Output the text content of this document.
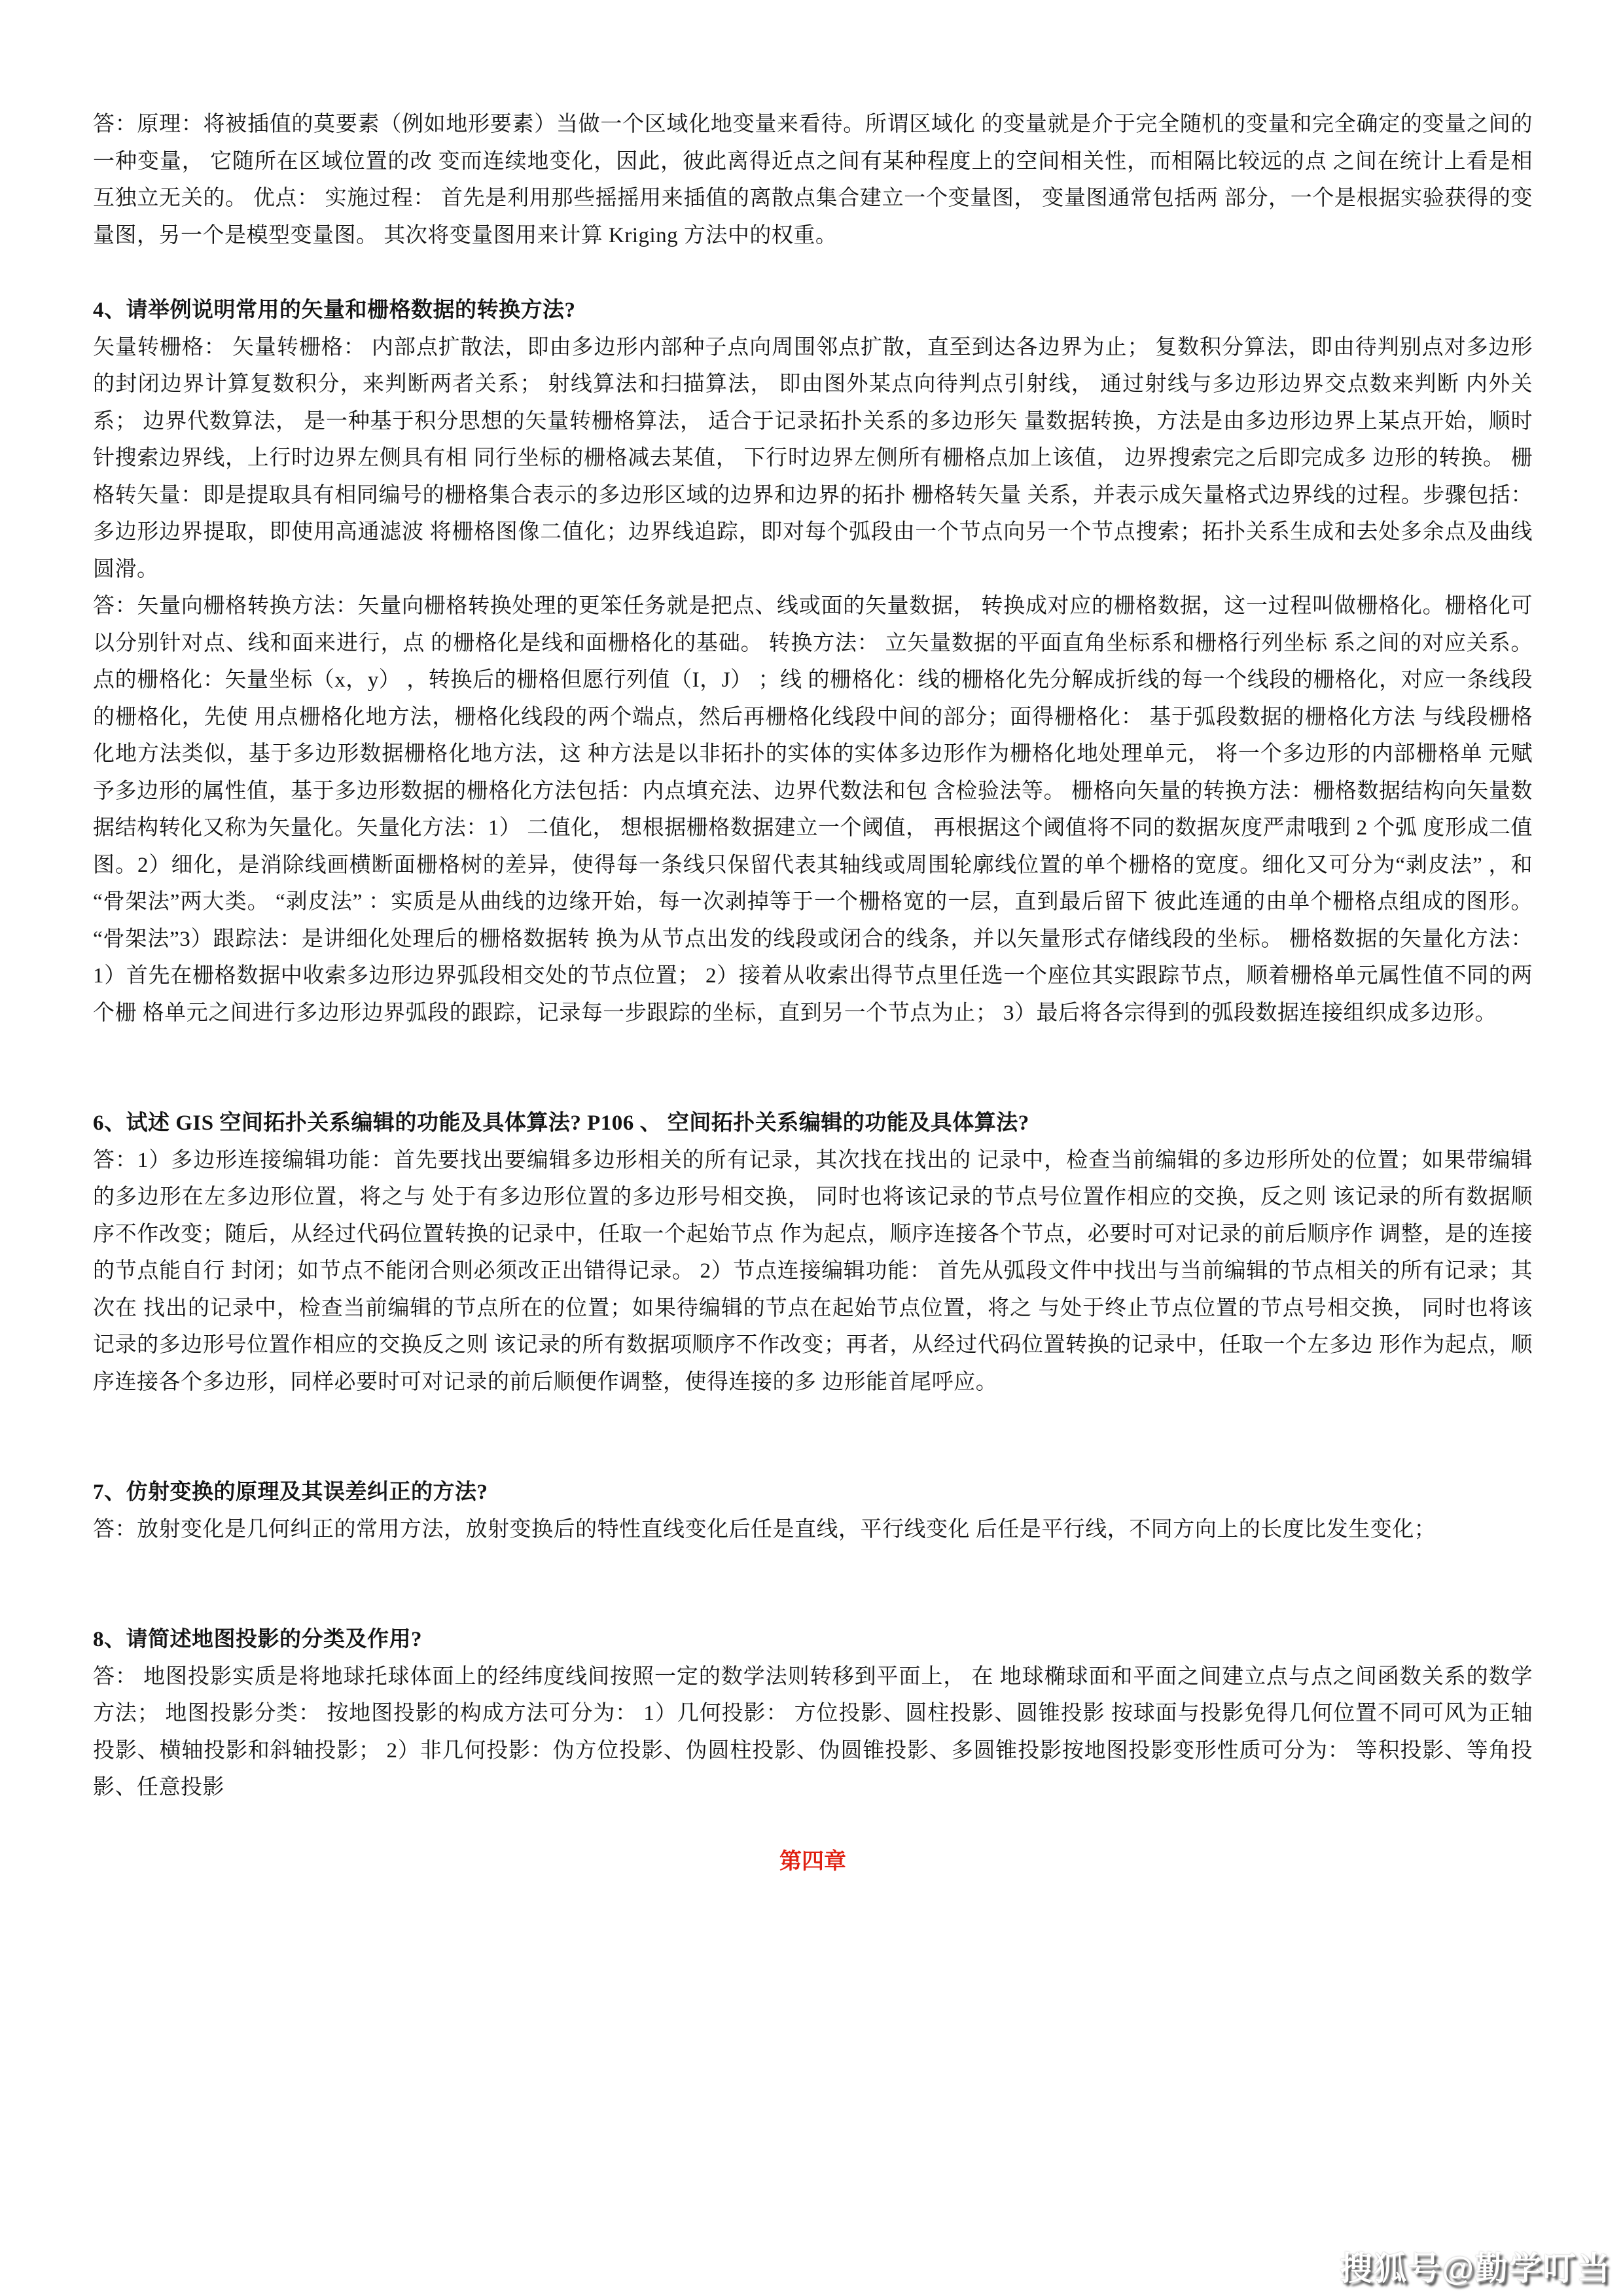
答：原理：将被插值的莫要素（例如地形要素）当做一个区域化地变量来看待。所谓区域化 的变量就是介于完全随机的变量和完全确定的变量之间的一种变量， 它随所在区域位置的改 变而连续地变化，因此，彼此离得近点之间有某种程度上的空间相关性，而相隔比较远的点 之间在统计上看是相互独立无关的。 优点： 实施过程： 首先是利用那些摇摇用来插值的离散点集合建立一个变量图， 变量图通常包括两 部分，一个是根据实验获得的变量图，另一个是模型变量图。 其次将变量图用来计算 Kriging 方法中的权重。

4、请举例说明常用的矢量和栅格数据的转换方法?

矢量转栅格： 矢量转栅格： 内部点扩散法，即由多边形内部种子点向周围邻点扩散，直至到达各边界为止； 复数积分算法，即由待判别点对多边形的封闭边界计算复数积分，来判断两者关系； 射线算法和扫描算法， 即由图外某点向待判点引射线， 通过射线与多边形边界交点数来判断 内外关系； 边界代数算法， 是一种基于积分思想的矢量转栅格算法， 适合于记录拓扑关系的多边形矢 量数据转换，方法是由多边形边界上某点开始，顺时针搜索边界线，上行时边界左侧具有相 同行坐标的栅格减去某值， 下行时边界左侧所有栅格点加上该值， 边界搜索完之后即完成多 边形的转换。 栅格转矢量：即是提取具有相同编号的栅格集合表示的多边形区域的边界和边界的拓扑 栅格转矢量 关系，并表示成矢量格式边界线的过程。步骤包括：多边形边界提取，即使用高通滤波 将栅格图像二值化；边界线追踪，即对每个弧段由一个节点向另一个节点搜索；拓扑关系生成和去处多余点及曲线圆滑。

答：矢量向栅格转换方法：矢量向栅格转换处理的更笨任务就是把点、线或面的矢量数据， 转换成对应的栅格数据，这一过程叫做栅格化。栅格化可以分别针对点、线和面来进行，点 的栅格化是线和面栅格化的基础。 转换方法： 立矢量数据的平面直角坐标系和栅格行列坐标 系之间的对应关系。点的栅格化：矢量坐标（x，y） ，转换后的栅格但愿行列值（I，J） ；线 的栅格化：线的栅格化先分解成折线的每一个线段的栅格化，对应一条线段的栅格化，先使 用点栅格化地方法，栅格化线段的两个端点，然后再栅格化线段中间的部分；面得栅格化： 基于弧段数据的栅格化方法 与线段栅格化地方法类似，基于多边形数据栅格化地方法，这 种方法是以非拓扑的实体的实体多边形作为栅格化地处理单元， 将一个多边形的内部栅格单 元赋予多边形的属性值，基于多边形数据的栅格化方法包括：内点填充法、边界代数法和包 含检验法等。 栅格向矢量的转换方法：栅格数据结构向矢量数据结构转化又称为矢量化。矢量化方法：1） 二值化， 想根据栅格数据建立一个阈值， 再根据这个阈值将不同的数据灰度严肃哦到 2 个弧 度形成二值图。2）细化，是消除线画横断面栅格树的差异，使得每一条线只保留代表其轴线或周围轮廓线位置的单个栅格的宽度。细化又可分为“剥皮法” ，和“骨架法”两大类。 “剥皮法” ：实质是从曲线的边缘开始，每一次剥掉等于一个栅格宽的一层，直到最后留下 彼此连通的由单个栅格点组成的图形。 “骨架法”3）跟踪法：是讲细化处理后的栅格数据转 换为从节点出发的线段或闭合的线条，并以矢量形式存储线段的坐标。 栅格数据的矢量化方法：1）首先在栅格数据中收索多边形边界弧段相交处的节点位置； 2）接着从收索出得节点里任选一个座位其实跟踪节点，顺着栅格单元属性值不同的两个栅 格单元之间进行多边形边界弧段的跟踪，记录每一步跟踪的坐标，直到另一个节点为止； 3）最后将各宗得到的弧段数据连接组织成多边形。

6、试述 GIS 空间拓扑关系编辑的功能及具体算法? P106 、 空间拓扑关系编辑的功能及具体算法?

答：1）多边形连接编辑功能：首先要找出要编辑多边形相关的所有记录，其次找在找出的 记录中，检查当前编辑的多边形所处的位置；如果带编辑的多边形在左多边形位置，将之与 处于有多边形位置的多边形号相交换， 同时也将该记录的节点号位置作相应的交换，反之则 该记录的所有数据顺序不作改变；随后，从经过代码位置转换的记录中，任取一个起始节点 作为起点，顺序连接各个节点，必要时可对记录的前后顺序作 调整，是的连接的节点能自行 封闭；如节点不能闭合则必须改正出错得记录。 2）节点连接编辑功能： 首先从弧段文件中找出与当前编辑的节点相关的所有记录；其次在 找出的记录中，检查当前编辑的节点所在的位置；如果待编辑的节点在起始节点位置，将之 与处于终止节点位置的节点号相交换， 同时也将该记录的多边形号位置作相应的交换反之则 该记录的所有数据项顺序不作改变；再者，从经过代码位置转换的记录中，任取一个左多边 形作为起点，顺序连接各个多边形，同样必要时可对记录的前后顺便作调整，使得连接的多 边形能首尾呼应。

7、仿射变换的原理及其误差纠正的方法?

答：放射变化是几何纠正的常用方法，放射变换后的特性直线变化后任是直线，平行线变化 后任是平行线，不同方向上的长度比发生变化；

8、请简述地图投影的分类及作用?

答： 地图投影实质是将地球托球体面上的经纬度线间按照一定的数学法则转移到平面上， 在 地球椭球面和平面之间建立点与点之间函数关系的数学方法； 地图投影分类： 按地图投影的构成方法可分为： 1）几何投影： 方位投影、圆柱投影、圆锥投影 按球面与投影免得几何位置不同可风为正轴投影、横轴投影和斜轴投影； 2）非几何投影：伪方位投影、伪圆柱投影、伪圆锥投影、多圆锥投影按地图投影变形性质可分为： 等积投影、等角投影、任意投影

第四章

搜狐号@勤学叮当
